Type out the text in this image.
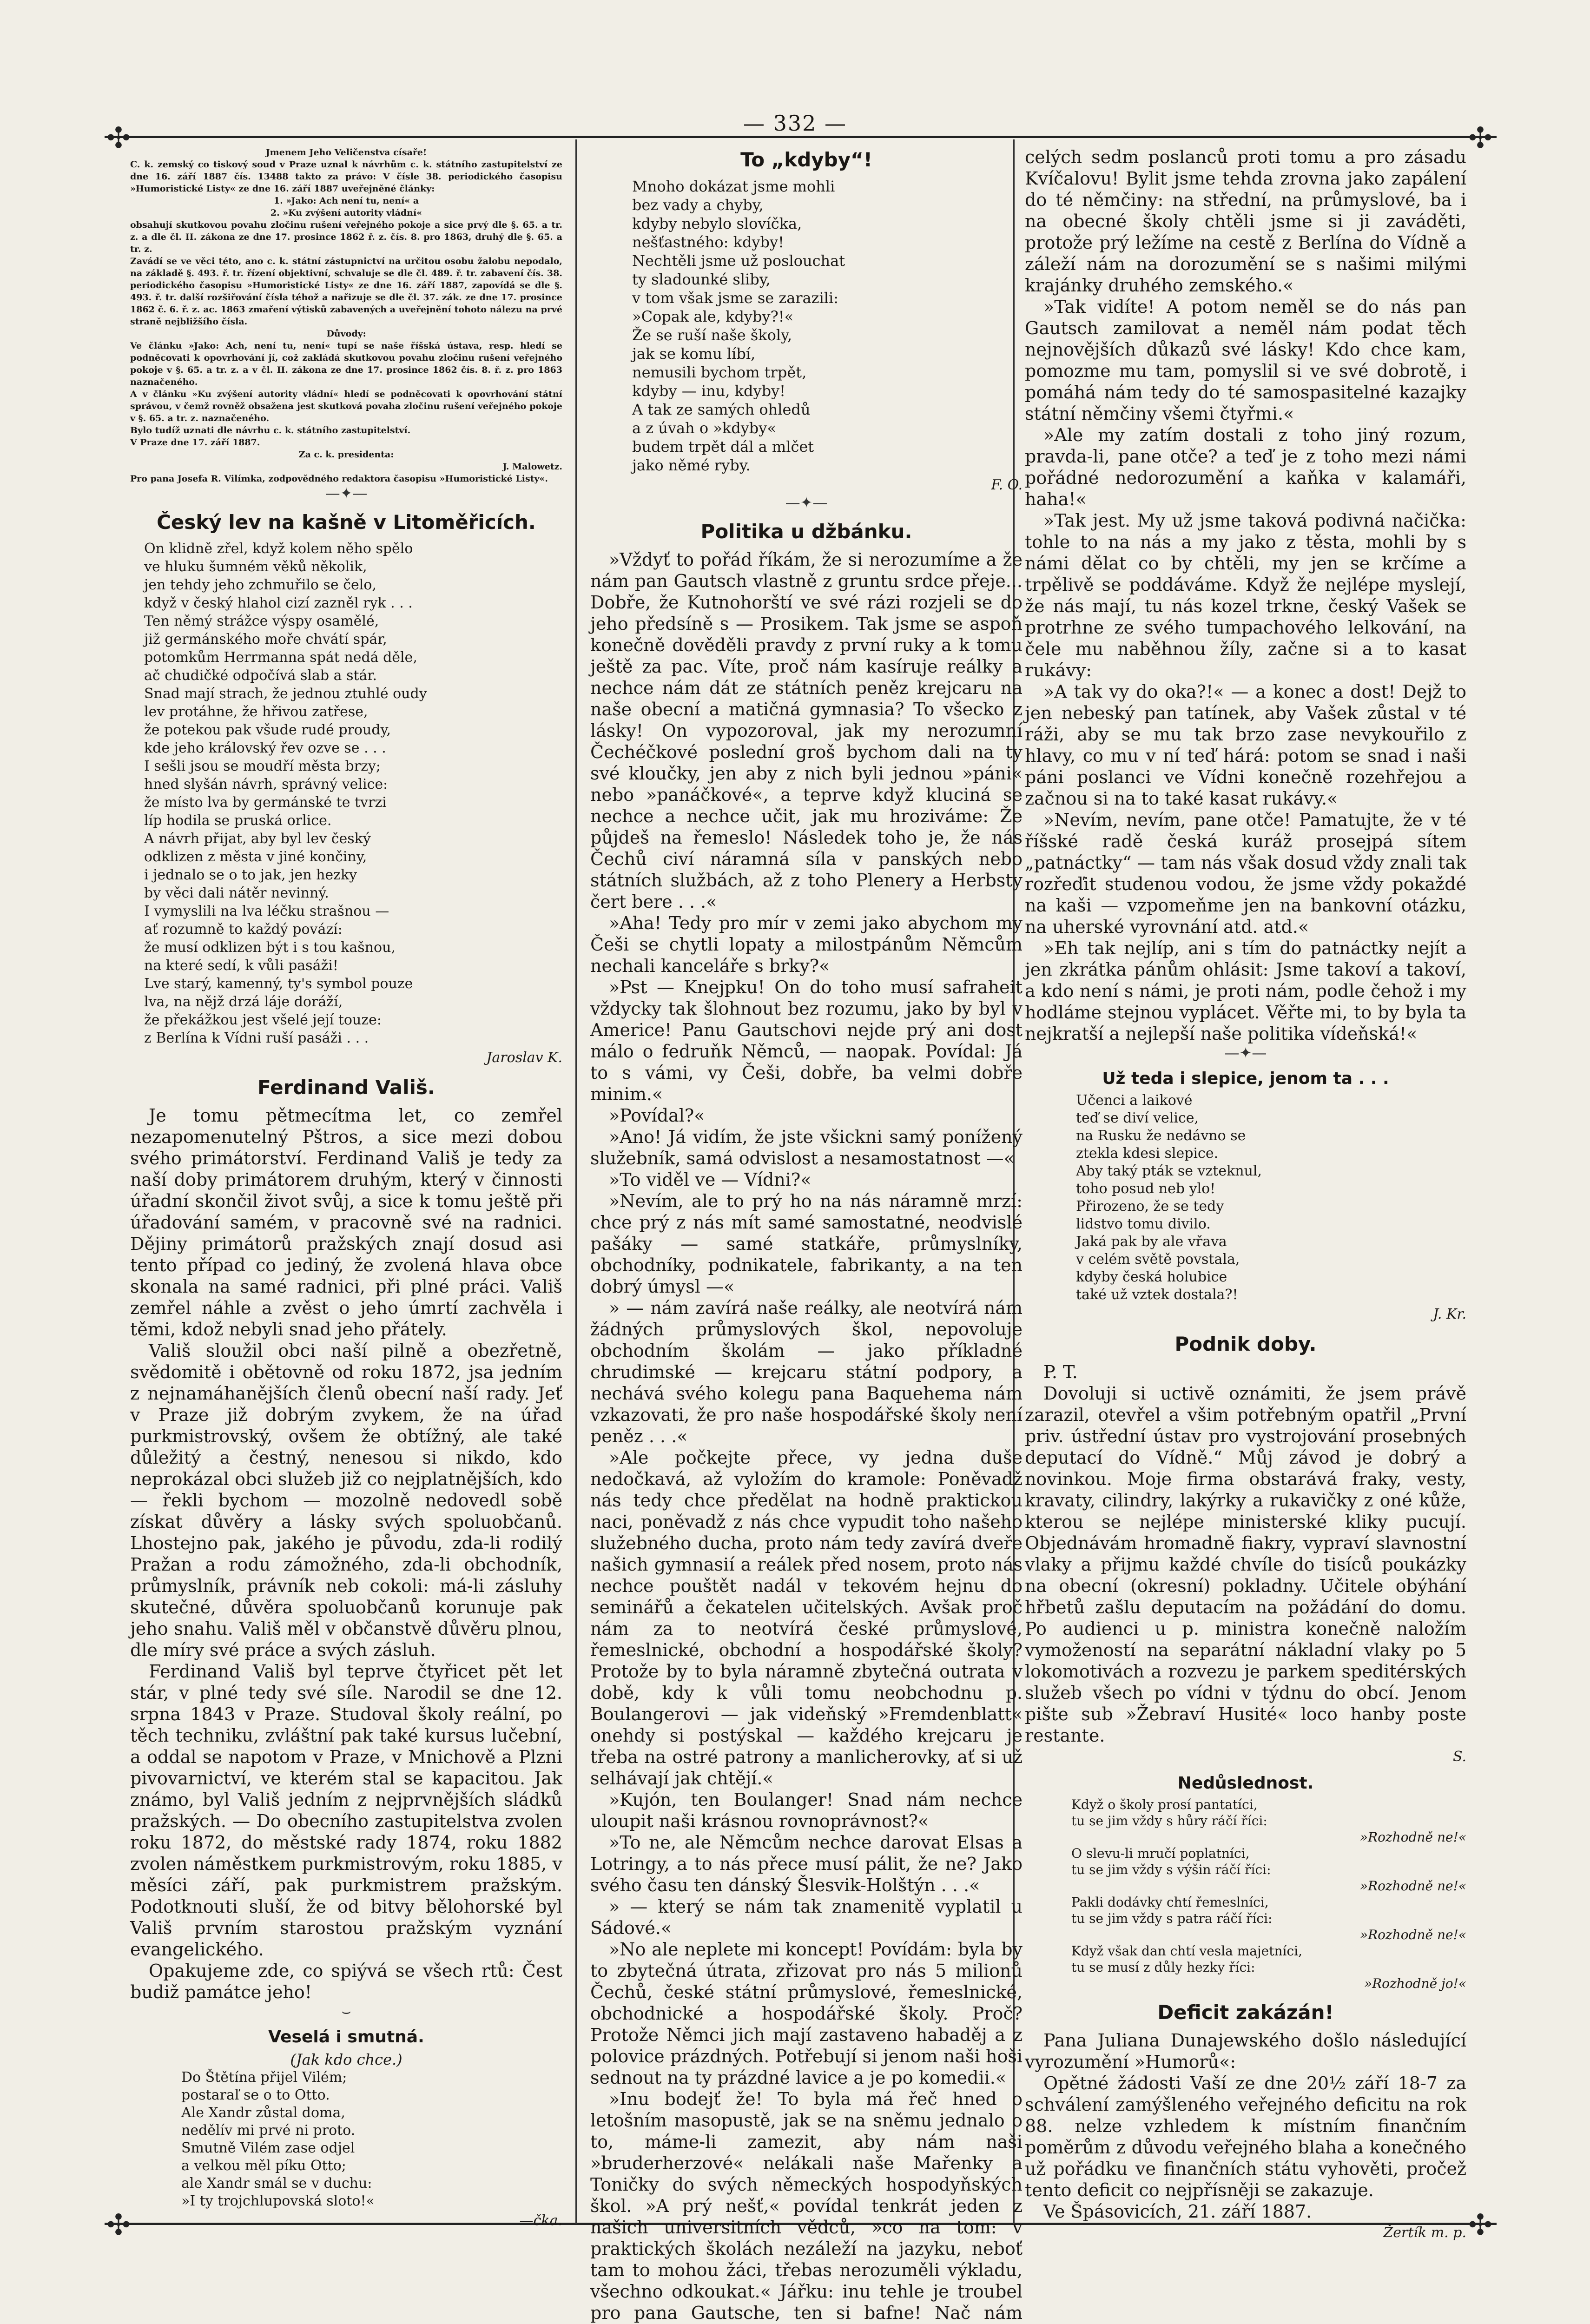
— 332 —
✣	✣
✣	✣

Jmenem Jeho Veličenstva císaře!

C. k. zemský co tiskový soud v Praze uznal k návrhům c. k. státního zastupitelství ze dne 16. září 1887 čís. 13488 takto za právo: V čísle 38. periodického časopisu »Humoristické Listy« ze dne 16. září 1887 uveřejněné články:

1. »Jako: Ach není tu, není« a

2. »Ku zvýšení autority vládní«

obsahují skutkovou povahu zločinu rušení veřejného pokoje a sice prvý dle §. 65. a tr. z. a dle čl. II. zákona ze dne 17. prosince 1862 ř. z. čís. 8. pro 1863, druhý dle §. 65. a tr. z.

Zavádí se ve věci této, ano c. k. státní zástupnictví na určitou osobu žalobu nepodalo, na základě §. 493. ř. tr. řízení objektivní, schvaluje se dle čl. 489. ř. tr. zabavení čís. 38. periodického časopisu »Humoristické Listy« ze dne 16. září 1887, zapovídá se dle §. 493. ř. tr. další rozšiřování čísla téhož a nařizuje se dle čl. 37. zák. ze dne 17. prosince 1862 č. 6. ř. z. ac. 1863 zmaření výtisků zabavených a uveřejnění tohoto nálezu na prvé straně nejbližšího čísla.

Důvody:

Ve článku »Jako: Ach, není tu, není« tupí se naše říšská ústava, resp. hledí se podněcovati k opovrhování jí, což zakládá skutkovou povahu zločinu rušení veřejného pokoje v §. 65. a tr. z. a v čl. II. zákona ze dne 17. prosince 1862 čís. 8. ř. z. pro 1863 naznačeného.

A v článku »Ku zvýšení autority vládní« hledí se podněcovati k opovrhování státní správou, v čemž rovněž obsažena jest skutková povaha zločinu rušení veřejného pokoje v §. 65. a tr. z. naznačeného.

Bylo tudíž uznati dle návrhu c. k. státního zastupitelství.

V Praze dne 17. září 1887.

Za c. k. presidenta:

J. Malowetz.

Pro pana Josefa R. Vilímka, zodpovědného redaktora časopisu »Humoristické Listy«.

—✦—
Český lev na kašně v Litoměřicích.
On klidně zřel, když kolem něho spělo
ve hluku šumném věků několik,
jen tehdy jeho zchmuřilo se čelo,
když v český hlahol cizí zazněl ryk . . .
Ten němý strážce výspy osamělé,
již germánského moře chvátí spár,
potomkům Herrmanna spát nedá děle,
ač chudičké odpočívá slab a stár.
Snad mají strach, že jednou ztuhlé oudy
lev protáhne, že hřivou zatřese,
že potekou pak všude rudé proudy,
kde jeho královský řev ozve se . . .
I sešli jsou se moudří města brzy;
hned slyšán návrh, správný velice:
že místo lva by germánské te tvrzi
líp hodila se pruská orlice.
A návrh přijat, aby byl lev český
odklizen z města v jiné končiny,
i jednalo se o to jak, jen hezky
by věci dali nátěr nevinný.
I vymyslili na lva léčku strašnou —
ať rozumně to každý povází:
že musí odklizen být i s tou kašnou,
na které sedí, k vůli pasáži!
Lve starý, kamenný, ty's symbol pouze
lva, na nějž drzá láje doráží,
že překážkou jest všelé její touze:
z Berlína k Vídni ruší pasáži . . .
Jaroslav K.
Ferdinand Vališ.

Je tomu pětmecítma let, co zemřel nezapomenutelný Pštros, a sice mezi dobou svého primátorství. Ferdinand Vališ je tedy za naší doby primátorem druhým, který v činnosti úřadní skončil život svůj, a sice k tomu ještě při úřadování samém, v pracovně své na radnici. Dějiny primátorů pražských znají dosud asi tento případ co jediný, že zvolená hlava obce skonala na samé radnici, při plné práci. Vališ zemřel náhle a zvěst o jeho úmrtí zachvěla i těmi, kdož nebyli snad jeho přátely.

Vališ sloužil obci naší pilně a obezřetně, svědomitě i obětovně od roku 1872, jsa jedním z nejnamáhanějších členů obecní naší rady. Jeť v Praze již dobrým zvykem, že na úřad purkmistrovský, ovšem že obtížný, ale také důležitý a čestný, nenesou si nikdo, kdo neprokázal obci služeb již co nejplatnějších, kdo — řekli bychom — mozolně nedovedl sobě získat důvěry a lásky svých spoluobčanů. Lhostejno pak, jakého je původu, zda-li rodilý Pražan a rodu zámožného, zda-li obchodník, průmyslník, právník neb cokoli: má-li zásluhy skutečné, důvěra spoluobčanů korunuje pak jeho snahu. Vališ měl v občanstvě důvěru plnou, dle míry své práce a svých zásluh.

Ferdinand Vališ byl teprve čtyřicet pět let stár, v plné tedy své síle. Narodil se dne 12. srpna 1843 v Praze. Studoval školy reální, po těch techniku, zvláštní pak také kursus lučební, a oddal se napotom v Praze, v Mnichově a Plzni pivovarnictví, ve kterém stal se kapacitou. Jak známo, byl Vališ jedním z nejprvnějších sládků pražských. — Do obecního zastupitelstva zvolen roku 1872, do městské rady 1874, roku 1882 zvolen náměstkem purkmistrovým, roku 1885, v měsíci září, pak purkmistrem pražským. Podotknouti sluší, že od bitvy bělohorské byl Vališ prvním starostou pražským vyznání evangelického.

Opakujeme zde, co spiývá se všech rtů: Čest budiž památce jeho!

⌣
Veselá i smutná.
(Jak kdo chce.)
Do Štětína přijel Vilém;
postaraľ se o to Otto.
Ale Xandr zůstal doma,
nedělív mi prvé ni proto.
Smutně Vilém zase odjel
a velkou měl píku Otto;
ale Xandr smál se v duchu:
»I ty trojchlupovská sloto!«
—čka.
To „kdyby“!
Mnoho dokázat jsme mohli
bez vady a chyby,
kdyby nebylo slovíčka,
nešťastného: kdyby!
Nechtěli jsme už poslouchat
ty sladounké sliby,
v tom však jsme se zarazili:
»Copak ale, kdyby?!«
Že se ruší naše školy,
jak se komu líbí,
nemusili bychom trpět,
kdyby — inu, kdyby!
A tak ze samých ohledů
a z úvah o »kdyby«
budem trpět dál a mlčet
jako němé ryby.
F. O.
—✦—
Politika u džbánku.

»Vždyť to pořád říkám, že si nerozumíme a že nám pan Gautsch vlastně z gruntu srdce přeje... Dobře, že Kutnohorští ve své rázi rozjeli se do jeho předsíně s — Prosikem. Tak jsme se aspoň konečně dověděli pravdy z první ruky a k tomu ještě za pac. Víte, proč nám kasíruje reálky a nechce nám dát ze státních peněz krejcaru na naše obecní a matičná gymnasia? To všecko z lásky! On vypozoroval, jak my nerozumní Čechéčkové poslední groš bychom dali na ty své kloučky, jen aby z nich byli jednou »páni« nebo »panáčkové«, a teprve když kluciná se nechce a nechce učit, jak mu hroziváme: Že půjdeš na řemeslo! Následek toho je, že nás Čechů civí náramná síla v panských nebo státních službách, až z toho Plenery a Herbsty čert bere . . .«

»Aha! Tedy pro mír v zemi jako abychom my Češi se chytli lopaty a milostpánům Němcům nechali kanceláře s brky?«

»Pst — Knejpku! On do toho musí safraheit vždycky tak šlohnout bez rozumu, jako by byl v Americe! Panu Gautschovi nejde prý ani dost málo o fedruňk Němců, — naopak. Povídal: Já to s vámi, vy Češi, dobře, ba velmi dobře minim.«

»Povídal?«

»Ano! Já vidím, že jste všickni samý ponížený služebník, samá odvislost a nesamostatnost —«

»To viděl ve — Vídni?«

»Nevím, ale to prý ho na nás náramně mrzí: chce prý z nás mít samé samostatné, neodvislé pašáky — samé statkáře, průmyslníky, obchodníky, podnikatele, fabrikanty, a na ten dobrý úmysl —«

» — nám zavírá naše reálky, ale neotvírá nám žádných průmyslových škol, nepovoluje obchodním školám — jako příkladné chrudimské — krejcaru státní podpory, a nechává svého kolegu pana Baquehema nám vzkazovati, že pro naše hospodářské školy není peněz . . .«

»Ale počkejte přece, vy jedna duše nedočkavá, až vyložím do kramole: Poněvadž nás tedy chce předělat na hodně praktickou naci, poněvadž z nás chce vypudit toho našeho služebného ducha, proto nám tedy zavírá dveře našich gymnasií a reálek před nosem, proto nás nechce pouštět nadál v tekovém hejnu do seminářů a čekatelen učitelských. Avšak proč nám za to neotvírá české průmyslové, řemeslnické, obchodní a hospodářské školy? Protože by to byla náramně zbytečná outrata v době, kdy k vůli tomu neobchodnu p. Boulangerovi — jak videňský »Fremdenblatt« onehdy si postýskal — každého krejcaru je třeba na ostré patrony a manlicherovky, ať si už selhávají jak chtějí.«

»Kujón, ten Boulanger! Snad nám nechce uloupit naši krásnou rovnoprávnost?«

»To ne, ale Němcům nechce darovat Elsas a Lotringy, a to nás přece musí pálit, že ne? Jako svého času ten dánský Šlesvik-Holštýn . . .«

» — který se nám tak znamenitě vyplatil u Sádové.«

»No ale neplete mi koncept! Povídám: byla by to zbytečná útrata, zřizovat pro nás 5 milionů Čechů, české státní průmyslové, řemeslnické, obchodnické a hospodářské školy. Proč? Protože Němci jich mají zastaveno habaděj a z polovice prázdných. Potřebují si jenom naši hoši sednout na ty prázdné lavice a je po komedii.«

»Inu bodejť že! To byla má řeč hned o letošním masopustě, jak se na sněmu jednalo o to, máme-li zamezit, aby nám naši »bruderherzové« nelákali naše Mařenky a Toničky do svých německých hospodyňských škol. »A prý nešť,« povídal tenkrát jeden z našich universitních vědců, »co na tom: v praktických školách nezáleží na jazyku, neboť tam to mohou žáci, třebas nerozuměli výkladu, všechno odkoukat.« Jářku: inu tehle je troubel pro pana Gautsche, ten si bafne! Nač nám

celých sedm poslanců proti tomu a pro zásadu Kvíčalovu! Bylit jsme tehda zrovna jako zapálení do té němčiny: na střední, na průmyslové, ba i na obecné školy chtěli jsme si ji zaváděti, protože prý ležíme na cestě z Berlína do Vídně a záleží nám na dorozumění se s našimi milými krajánky druhého zemského.«

»Tak vidíte! A potom neměl se do nás pan Gautsch zamilovat a neměl nám podat těch nejnovějších důkazů své lásky! Kdo chce kam, pomozme mu tam, pomyslil si ve své dobrotě, i pomáhá nám tedy do té samospasitelné kazajky státní němčiny všemi čtyřmi.«

»Ale my zatím dostali z toho jiný rozum, pravda-li, pane otče? a teď je z toho mezi námi pořádné nedorozumění a kaňka v kalamáři, haha!«

»Tak jest. My už jsme taková podivná načička: tohle to na nás a my jako z těsta, mohli by s námi dělat co by chtěli, my jen se krčíme a trpělivě se poddáváme. Když že nejlépe myslejí, že nás mají, tu nás kozel trkne, český Vašek se protrhne ze svého tumpachového lelkování, na čele mu naběhnou žíly, začne si a to kasat rukávy:

»A tak vy do oka?!« — a konec a dost! Dejž to jen nebeský pan tatínek, aby Vašek zůstal v té ráži, aby se mu tak brzo zase nevykouřilo z hlavy, co mu v ní teď hárá: potom se snad i naši páni poslanci ve Vídni konečně rozehřejou a začnou si na to také kasat rukávy.«

»Nevím, nevím, pane otče! Pamatujte, že v té říšské radě česká kuráž prosejpá sítem „patnáctky“ — tam nás však dosud vždy znali tak rozřeďit studenou vodou, že jsme vždy pokaždé na kaši — vzpomeňme jen na bankovní otázku, na uherské vyrovnání atd. atd.«

»Eh tak nejlíp, ani s tím do patnáctky nejít a jen zkrátka pánům ohlásit: Jsme takoví a takoví, a kdo není s námi, je proti nám, podle čehož i my hodláme stejnou vyplácet. Věřte mi, to by byla ta nejkratší a nejlepší naše politika vídeňská!«

—✦—
Už teda i slepice, jenom ta . . .
Učenci a laikové
teď se diví velice,
na Rusku že nedávno se
ztekla kdesi slepice.
Aby taký pták se vzteknul,
toho posud neb ylo!
Přirozeno, že se tedy
lidstvo tomu divilo.
Jaká pak by ale vřava
v celém světě povstala,
kdyby česká holubice
také už vztek dostala?!
J. Kr.
Podnik doby.

P. T.

Dovoluji si uctivě oznámiti, že jsem právě zarazil, otevřel a všim potřebným opatřil „První priv. ústřední ústav pro vystrojování prosebných deputací do Vídně.“ Můj závod je dobrý a novinkou. Moje firma obstarává fraky, vesty, kravaty, cilindry, lakýrky a rukavičky z oné kůže, kterou se nejlépe ministerské kliky pucují. Objednávám hromadně fiakry, vypraví slavnostní vlaky a přijmu každé chvíle do tisíců poukázky na obecní (okresní) pokladny. Učitele obýhání hřbetů zašlu deputacím na požádání do domu. Po audienci u p. ministra konečně naložím vymožeností na separátní nákladní vlaky po 5 lokomotivách a rozvezu je parkem speditérských služeb všech po vídni v týdnu do obcí. Jenom pište sub »Žebraví Husité« loco hanby poste restante.

S.
Nedůslednost.
Když o školy prosí pantatíci,
tu se jim vždy s hůry ráčí říci:
»Rozhodně ne!«
O slevu-li mručí poplatníci,
tu se jim vždy s výšin ráčí říci:
»Rozhodně ne!«
Pakli dodávky chtí řemeslníci,
tu se jim vždy s patra ráčí říci:
»Rozhodně ne!«
Když však dan chtí vesla majetníci,
tu se musí z důly hezky říci:
»Rozhodně jo!«
Deficit zakázán!

Pana Juliana Dunajewského došlo následující vyrozumění »Humorů«:

Opětné žádosti Vaší ze dne 20½ září 18-7 za schválení zamýšleného veřejného deficitu na rok 88. nelze vzhledem k místním finančním poměrům z důvodu veřejného blaha a konečného už pořádku ve finančních státu vyhověti, pročež tento deficit co nejpřísněji se zakazuje.

Ve Špásovicích, 21. září 1887.

Žertík m. p.
